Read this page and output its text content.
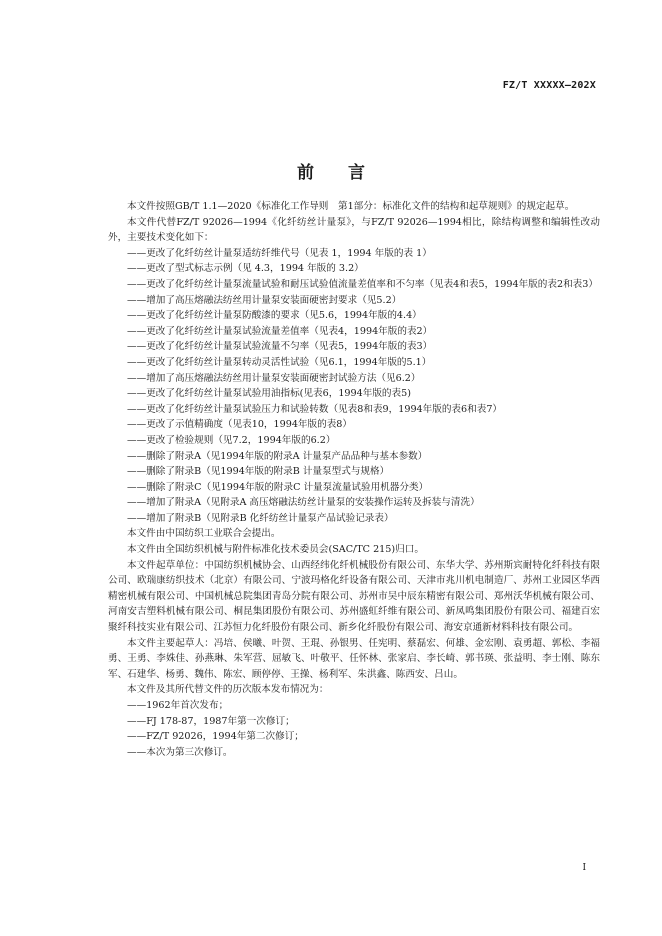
FZ/T XXXXX—202X
前言

本文件按照GB/T 1.1—2020《标准化工作导则　第1部分：标准化文件的结构和起草规则》的规定起草。

本文件代替FZ/T 92026—1994《化纤纺丝计量泵》，与FZ/T 92026—1994相比，除结构调整和编辑性改动外，主要技术变化如下：

——更改了化纤纺丝计量泵适纺纤维代号（见表 1，1994 年版的表 1）

——更改了型式标志示例（见 4.3，1994 年版的 3.2）

——更改了化纤纺丝计量泵流量试验和耐压试验值流量差值率和不匀率（见表4和表5，1994年版的表2和表3）

——增加了高压熔融法纺丝用计量泵安装面硬密封要求（见5.2）

——更改了化纤纺丝计量泵防酸漆的要求（见5.6，1994年版的4.4）

——更改了化纤纺丝计量泵试验流量差值率（见表4，1994年版的表2）

——更改了化纤纺丝计量泵试验流量不匀率（见表5，1994年版的表3）

——更改了化纤纺丝计量泵转动灵活性试验（见6.1，1994年版的5.1）

——增加了高压熔融法纺丝用计量泵安装面硬密封试验方法（见6.2）

——更改了化纤纺丝计量泵试验用油指标(见表6，1994年版的表5)

——更改了化纤纺丝计量泵试验压力和试验转数（见表8和表9，1994年版的表6和表7）

——更改了示值精确度（见表10，1994年版的表8）

——更改了检验规则（见7.2，1994年版的6.2）

——删除了附录A（见1994年版的附录A 计量泵产品品种与基本参数）

——删除了附录B（见1994年版的附录B 计量泵型式与规格）

——删除了附录C（见1994年版的附录C 计量泵流量试验用机器分类）

——增加了附录A（见附录A 高压熔融法纺丝计量泵的安装操作运转及拆装与清洗）

——增加了附录B（见附录B 化纤纺丝计量泵产品试验记录表）

本文件由中国纺织工业联合会提出。

本文件由全国纺织机械与附件标准化技术委员会(SAC/TC 215)归口。

本文件起草单位：中国纺织机械协会、山西经纬化纤机械股份有限公司、东华大学、苏州斯宾耐特化纤科技有限公司、欧瑞康纺织技术（北京）有限公司、宁波玛格化纤设备有限公司、天津市兆川机电制造厂、苏州工业园区华西精密机械有限公司、中国机械总院集团青岛分院有限公司、苏州市吴中辰东精密有限公司、郑州沃华机械有限公司、河南安吉塑料机械有限公司、桐昆集团股份有限公司、苏州盛虹纤维有限公司、新凤鸣集团股份有限公司、福建百宏聚纤科技实业有限公司、江苏恒力化纤股份有限公司、新乡化纤股份有限公司、海安京通新材料科技有限公司。

本文件主要起草人：冯培、侯曦、叶贺、王琨、孙银男、任宪明、蔡磊宏、何雄、金宏刚、袁勇超、郭松、李福勇、王勇、李姝佳、孙燕琳、朱军营、屈敏飞、叶敬平、任怀林、张家启、李长崎、郭书瑛、张益明、李士刚、陈东军、石建华、杨勇、魏伟、陈宏、顾停停、王操、杨利军、朱洪鑫、陈西安、吕山。

本文件及其所代替文件的历次版本发布情况为：

——1962年首次发布；

——FJ 178-87，1987年第一次修订；

——FZ/T 92026，1994年第二次修订；

——本次为第三次修订。

I
